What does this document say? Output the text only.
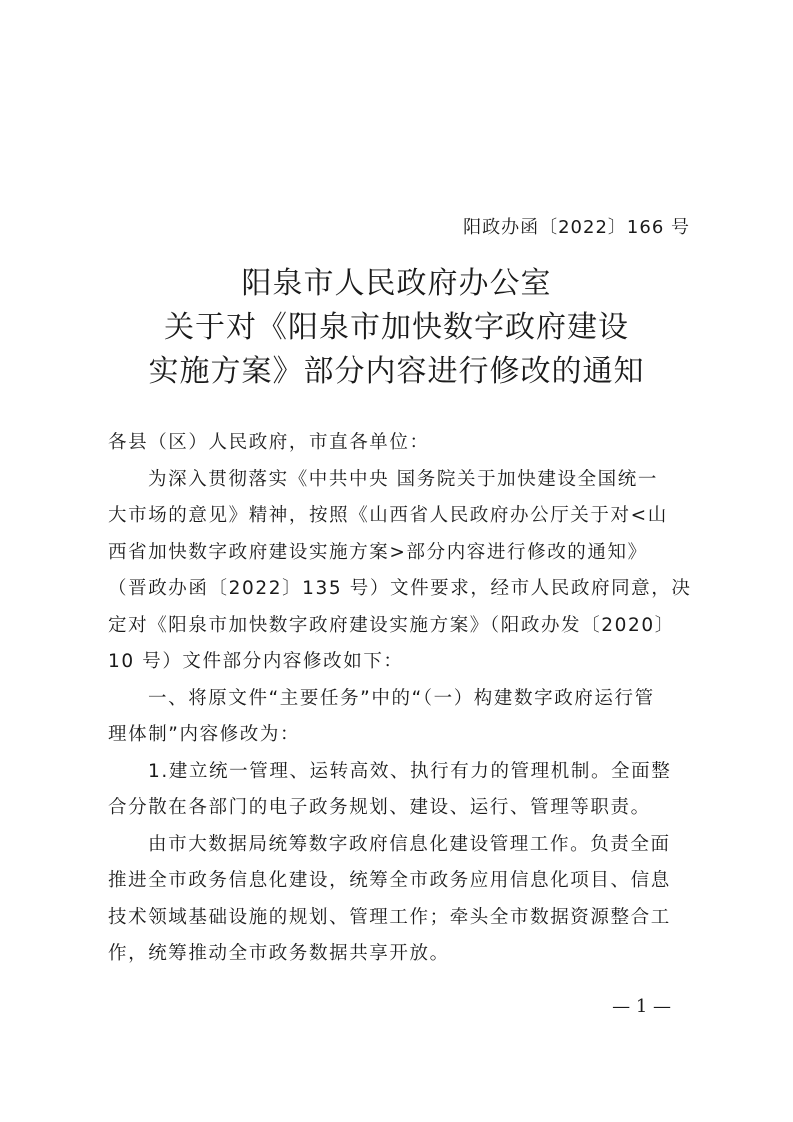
阳政办函〔2022〕166 号
阳泉市人民政府办公室
关于对《阳泉市加快数字政府建设
实施方案》部分内容进行修改的通知
各县（区）人民政府，市直各单位：
为深入贯彻落实《中共中央 国务院关于加快建设全国统一
大市场的意见》精神，按照《山西省人民政府办公厅关于对<山
西省加快数字政府建设实施方案>部分内容进行修改的通知》
（晋政办函〔2022〕135 号）文件要求，经市人民政府同意，决
定对《阳泉市加快数字政府建设实施方案》（阳政办发〔2020〕
10 号）文件部分内容修改如下：
一、将原文件“主要任务”中的“（一）构建数字政府运行管
理体制”内容修改为：
1.建立统一管理、运转高效、执行有力的管理机制。全面整
合分散在各部门的电子政务规划、建设、运行、管理等职责。
由市大数据局统筹数字政府信息化建设管理工作。负责全面
推进全市政务信息化建设，统筹全市政务应用信息化项目、信息
技术领域基础设施的规划、管理工作；牵头全市数据资源整合工
作，统筹推动全市政务数据共享开放。
— 1 —
